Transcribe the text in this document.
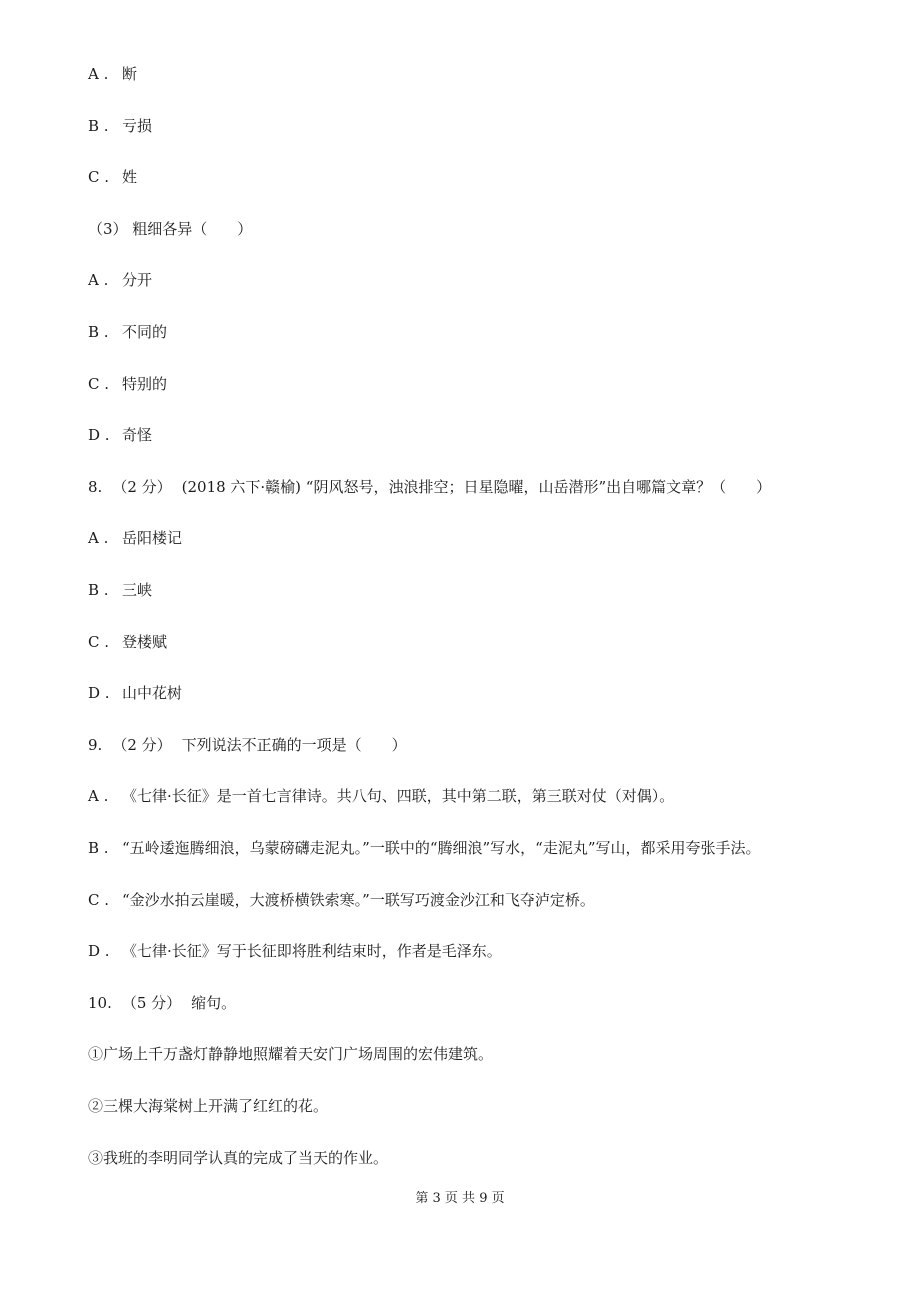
A . 断
B . 亏损
C . 姓
（3） 粗细各异（　　）
A . 分开
B . 不同的
C . 特别的
D . 奇怪
8. （2 分） (2018 六下·赣榆) “阴风怒号，浊浪排空；日星隐曜，山岳潜形”出自哪篇文章？（　　）
A . 岳阳楼记
B . 三峡
C . 登楼赋
D . 山中花树
9. （2 分） 下列说法不正确的一项是（　　）
A . 《七律·长征》是一首七言律诗。共八句、四联，其中第二联，第三联对仗（对偶）。
B . “五岭逶迤腾细浪，乌蒙磅礴走泥丸。”一联中的“腾细浪”写水，“走泥丸”写山，都采用夸张手法。
C . “金沙水拍云崖暖，大渡桥横铁索寒。”一联写巧渡金沙江和飞夺泸定桥。
D . 《七律·长征》写于长征即将胜利结束时，作者是毛泽东。
10. （5 分） 缩句。
①广场上千万盏灯静静地照耀着天安门广场周围的宏伟建筑。
②三棵大海棠树上开满了红红的花。
③我班的李明同学认真的完成了当天的作业。
第 3 页 共 9 页
